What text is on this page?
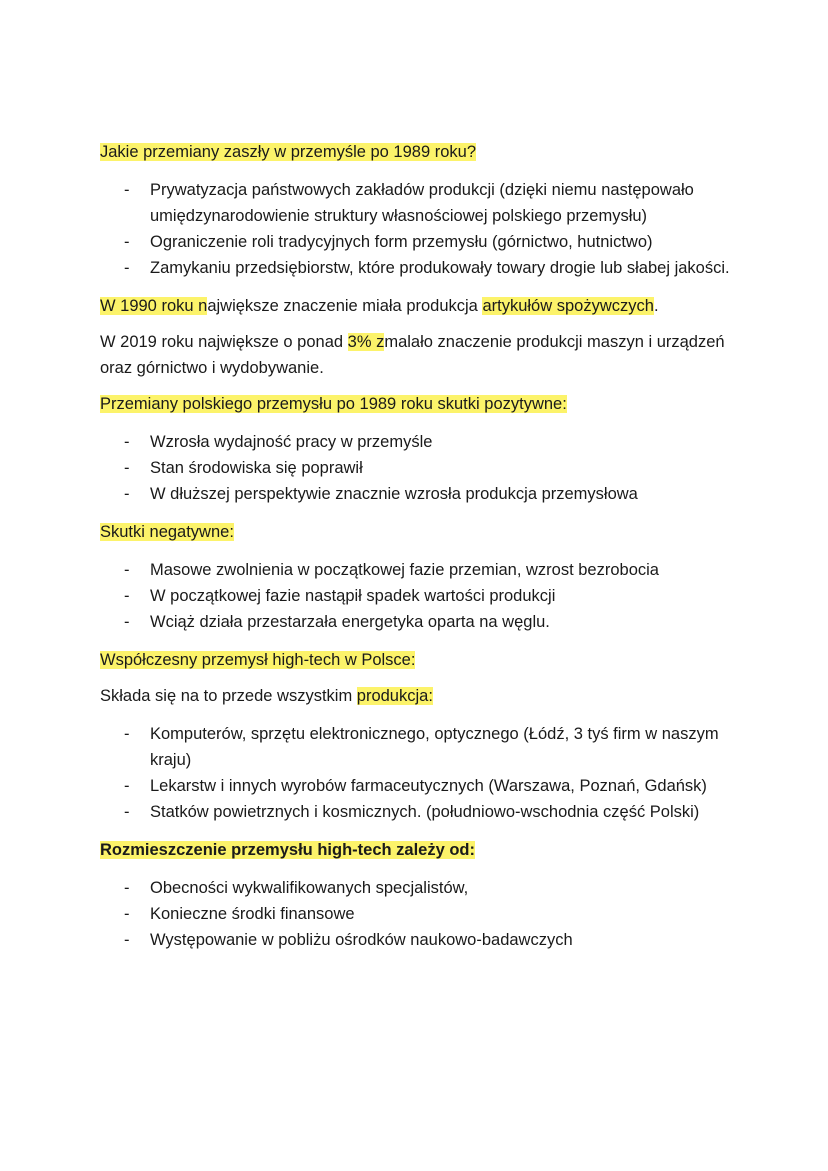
Jakie przemiany zaszły w przemyśle po 1989 roku?

- Prywatyzacja państwowych zakładów produkcji (dzięki niemu następowało umiędzynarodowienie struktury własnościowej polskiego przemysłu)
- Ograniczenie roli tradycyjnych form przemysłu (górnictwo, hutnictwo)
- Zamykaniu przedsiębiorstw, które produkowały towary drogie lub słabej jakości.

W 1990 roku największe znaczenie miała produkcja artykułów spożywczych.

W 2019 roku największe o ponad 3% zmalało znaczenie produkcji maszyn i urządzeń oraz górnictwo i wydobywanie.

Przemiany polskiego przemysłu po 1989 roku skutki pozytywne:

- Wzrosła wydajność pracy w przemyśle
- Stan środowiska się poprawił
- W dłuższej perspektywie znacznie wzrosła produkcja przemysłowa

Skutki negatywne:

- Masowe zwolnienia w początkowej fazie przemian, wzrost bezrobocia
- W początkowej fazie nastąpił spadek wartości produkcji
- Wciąż działa przestarzała energetyka oparta na węglu.

Współczesny przemysł high-tech w Polsce:

Składa się na to przede wszystkim produkcja:

- Komputerów, sprzętu elektronicznego, optycznego (Łódź, 3 tyś firm w naszym kraju)
- Lekarstw i innych wyrobów farmaceutycznych (Warszawa, Poznań, Gdańsk)
- Statków powietrznych i kosmicznych. (południowo-wschodnia część Polski)

Rozmieszczenie przemysłu high-tech zależy od:

- Obecności wykwalifikowanych specjalistów,
- Konieczne środki finansowe
- Występowanie w pobliżu ośrodków naukowo-badawczych
